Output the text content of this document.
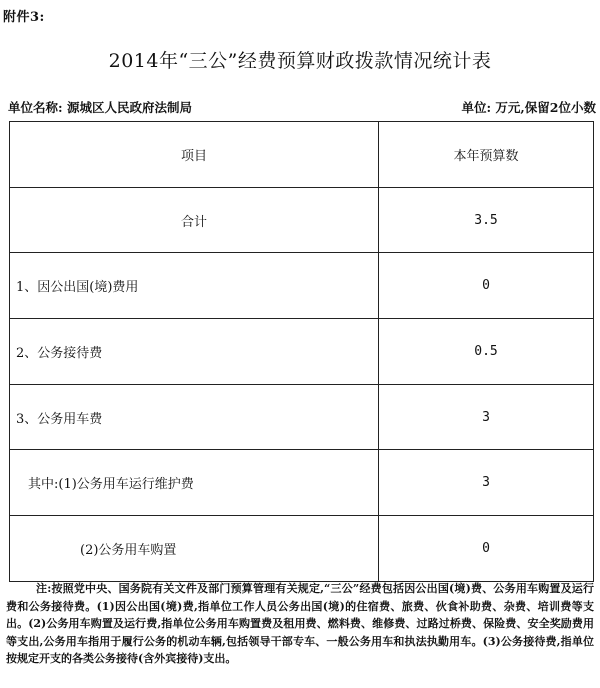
附件3:
2014年“三公”经费预算财政拨款情况统计表
单位名称: 源城区人民政府法制局	单位: 万元,保留2位小数
项目	本年预算数
合计	3.5
1、因公出国(境)费用	0
2、公务接待费	0.5
3、公务用车费	3
其中:(1)公务用车运行维护费	3
(2)公务用车购置	0
注:按照党中央、国务院有关文件及部门预算管理有关规定,“三公”经费包括因公出国(境)费、公务用车购置及运行费和公务接待费。(1)因公出国(境)费,指单位工作人员公务出国(境)的住宿费、旅费、伙食补助费、杂费、培训费等支出。(2)公务用车购置及运行费,指单位公务用车购置费及租用费、燃料费、维修费、过路过桥费、保险费、安全奖励费用等支出,公务用车指用于履行公务的机动车辆,包括领导干部专车、一般公务用车和执法执勤用车。(3)公务接待费,指单位按规定开支的各类公务接待(含外宾接待)支出。
